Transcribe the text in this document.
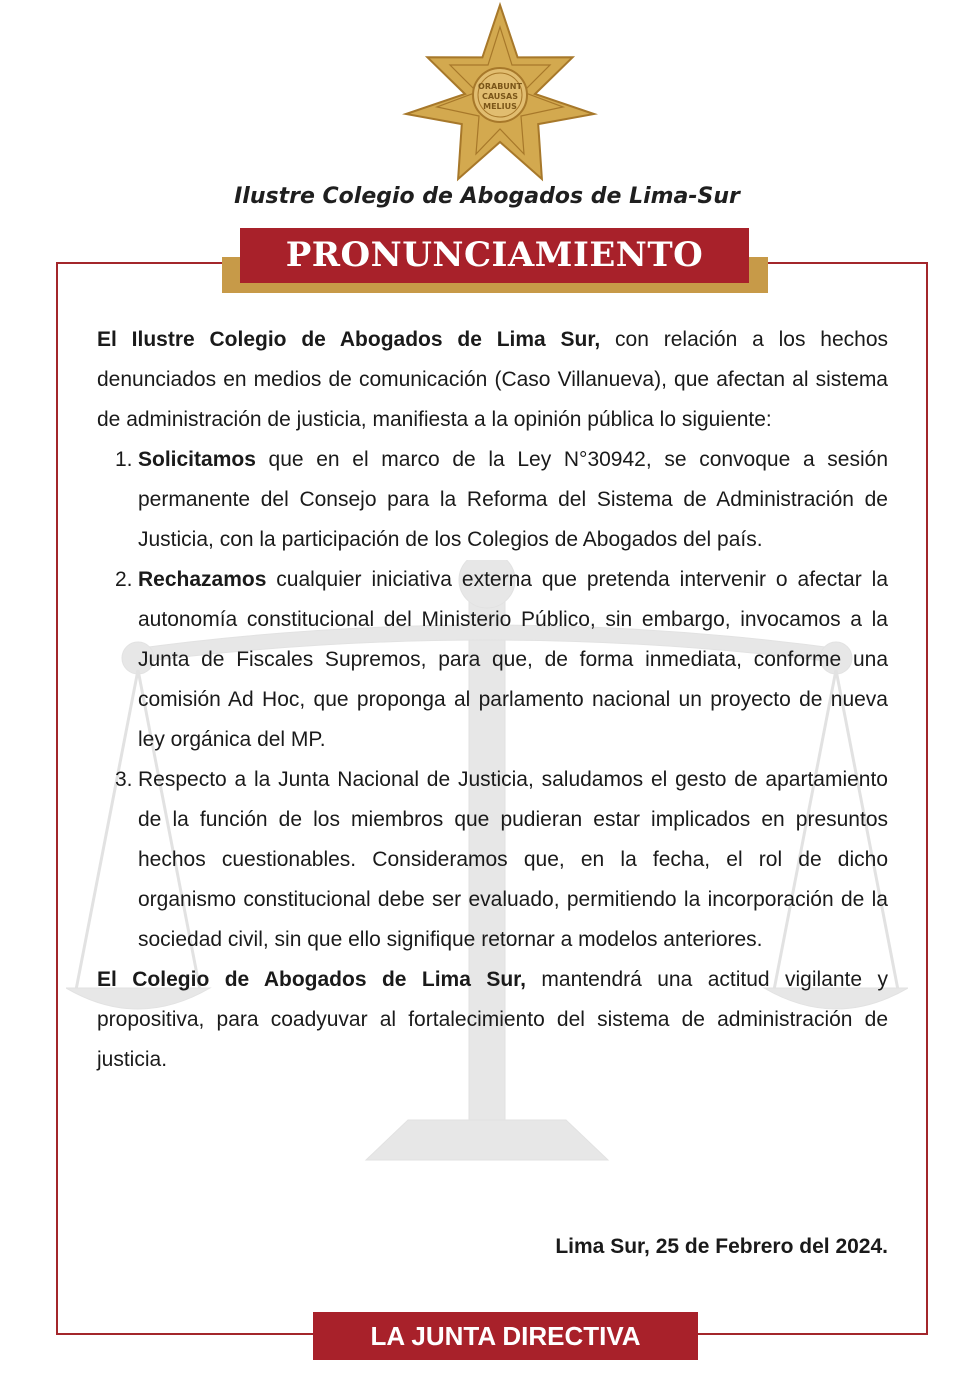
ORABUNT
CAUSAS
MELIUS
Ilustre Colegio de Abogados de Lima-Sur
PRONUNCIAMIENTO

El Ilustre Colegio de Abogados de Lima Sur, con relación a los hechos denunciados en medios de comunicación (Caso Villanueva), que afectan al sistema de administración de justicia, manifiesta a la opinión pública lo siguiente:

1. Solicitamos que en el marco de la Ley N°30942, se convoque a sesión permanente del Consejo para la Reforma del Sistema de Administración de Justicia, con la participación de los Colegios de Abogados del país.
2. Rechazamos cualquier iniciativa externa que pretenda intervenir o afectar la autonomía constitucional del Ministerio Público, sin embargo, invocamos a la Junta de Fiscales Supremos, para que, de forma inmediata, conforme una comisión Ad Hoc, que proponga al parlamento nacional un proyecto de nueva ley orgánica del MP.
3. Respecto a la Junta Nacional de Justicia, saludamos el gesto de apartamiento de la función de los miembros que pudieran estar implicados en presuntos hechos cuestionables. Consideramos que, en la fecha, el rol de dicho organismo constitucional debe ser evaluado, permitiendo la incorporación de la sociedad civil, sin que ello signifique retornar a modelos anteriores.

El Colegio de Abogados de Lima Sur, mantendrá una actitud vigilante y propositiva, para coadyuvar al fortalecimiento del sistema de administración de justicia.

Lima Sur, 25 de Febrero del 2024.
LA JUNTA DIRECTIVA
